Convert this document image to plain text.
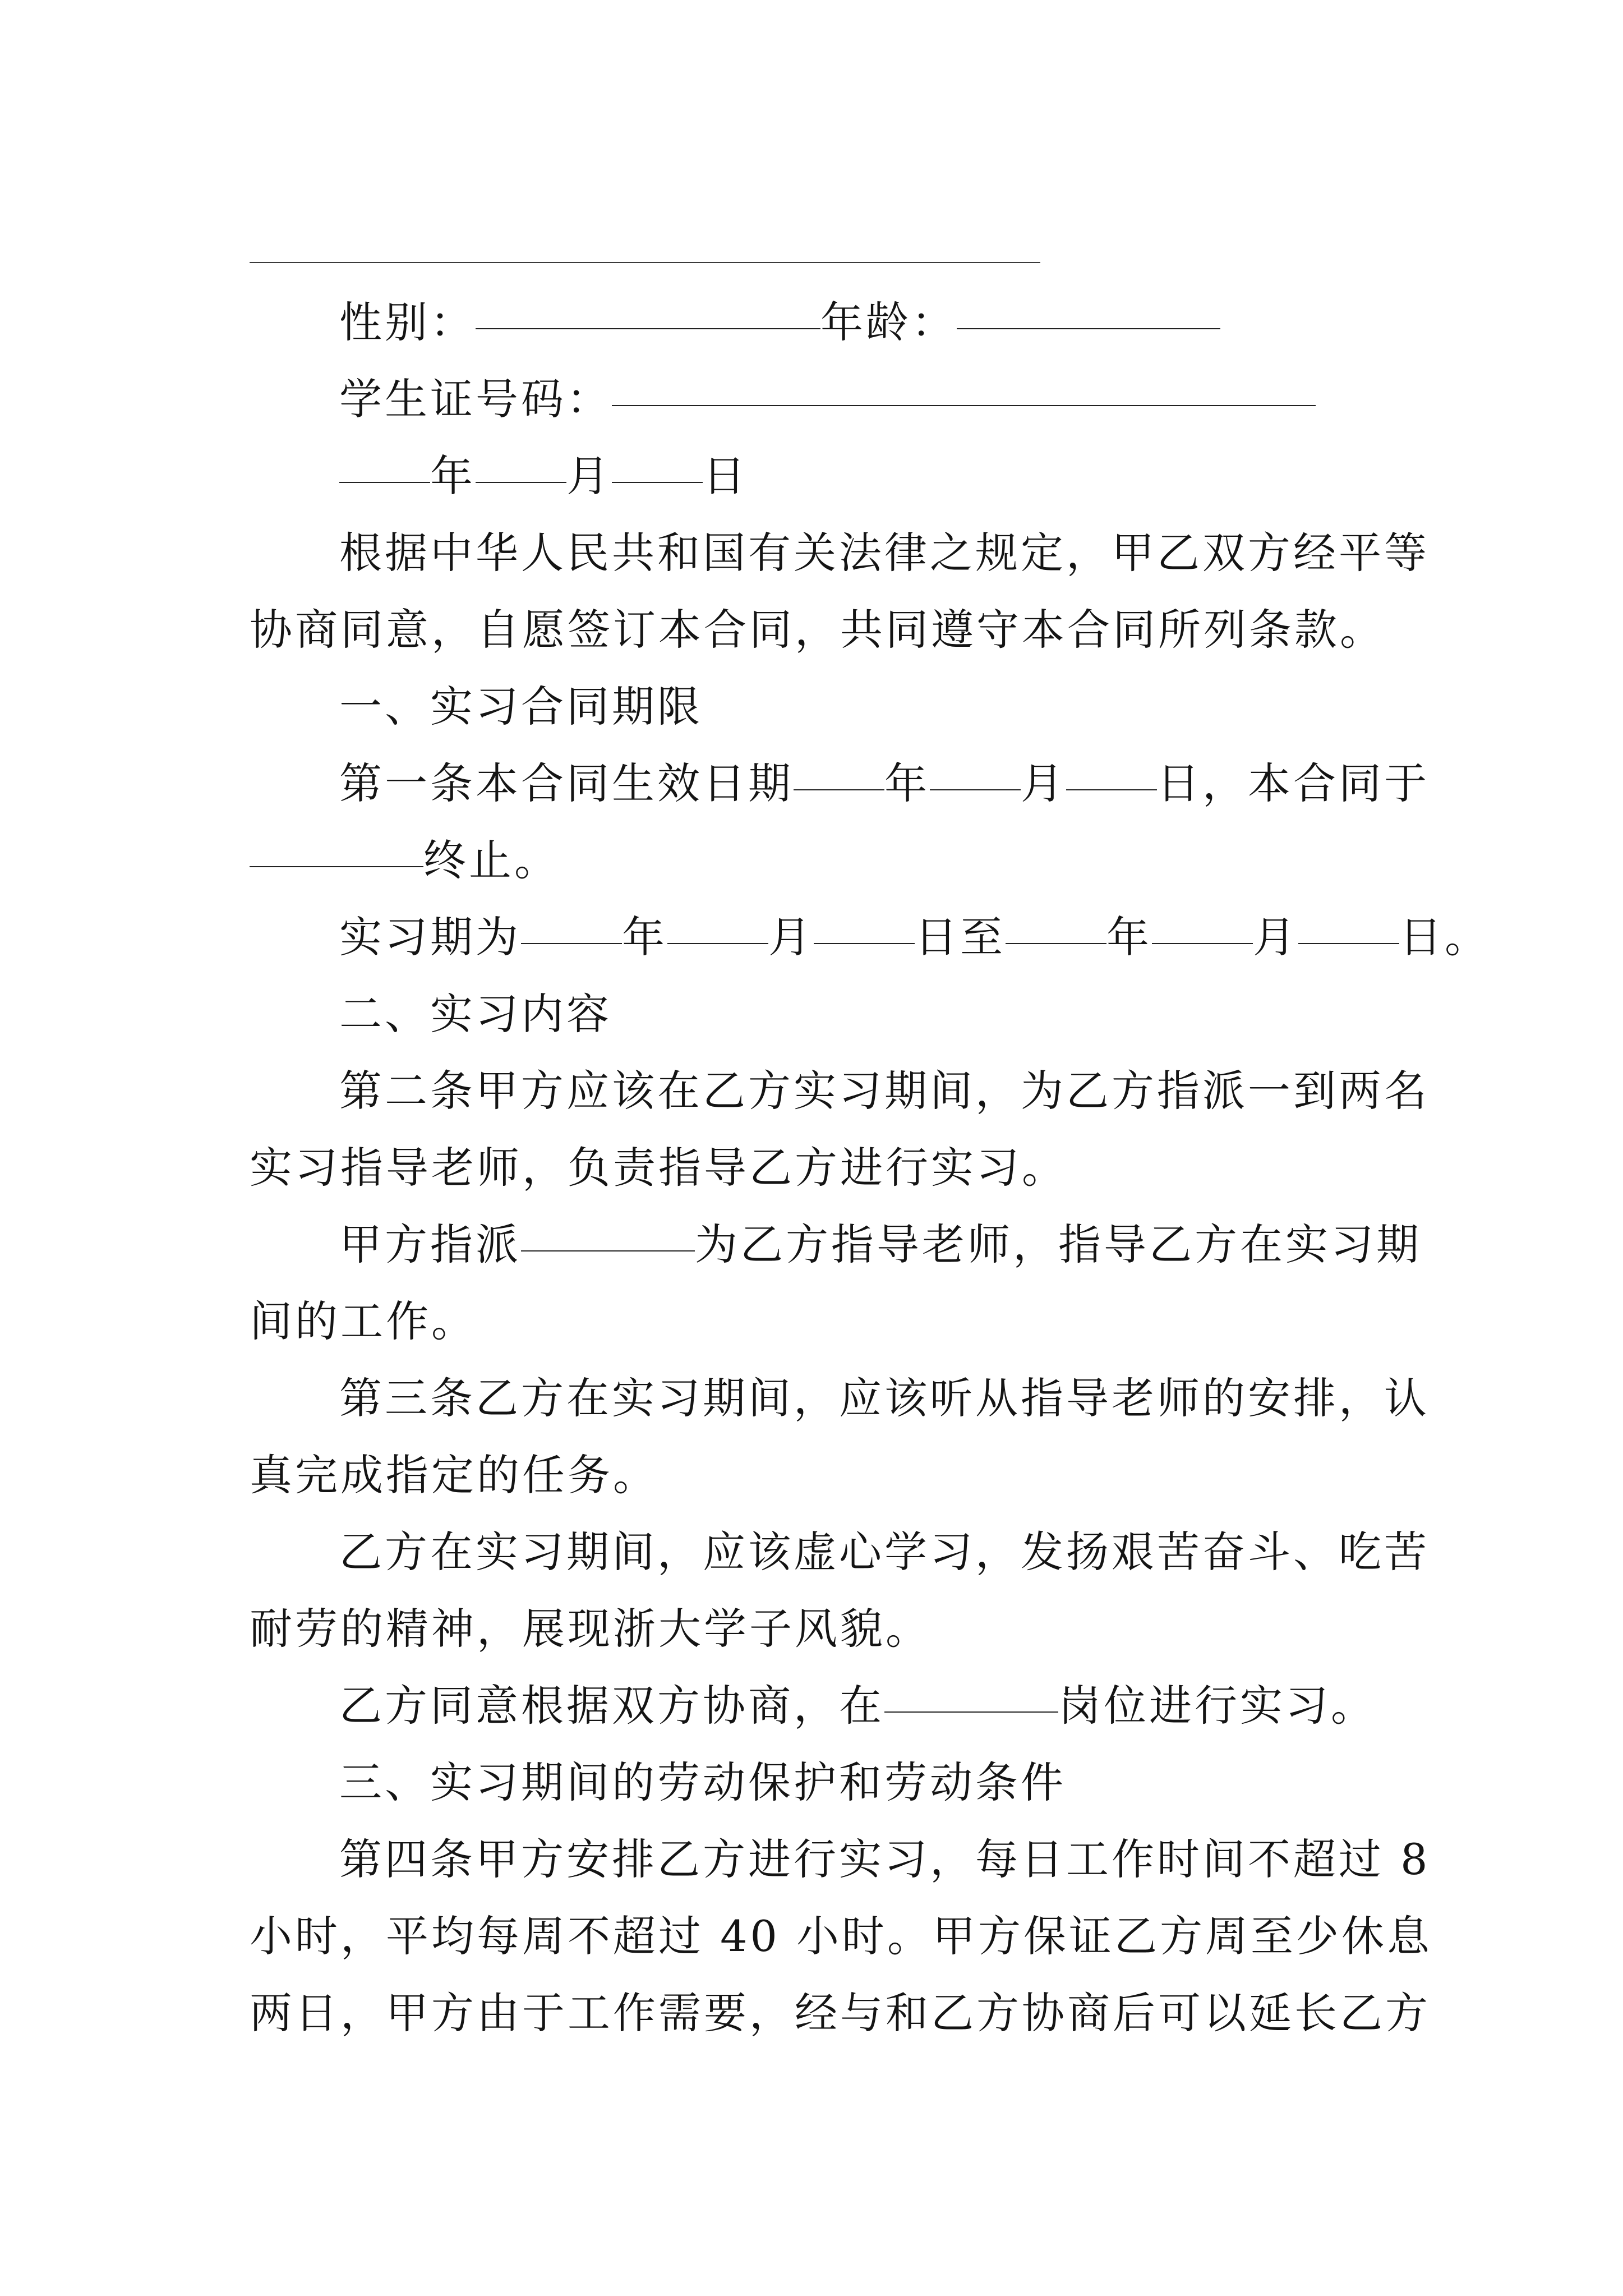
性别：	年龄：
学生证号码：
年 月 日
根据中华人民共和国有关法律之规定，甲乙双方经平等
协商同意，自愿签订本合同，共同遵守本合同所列条款。
一、实习合同期限
第一条本合同生效日期 年 月 日，本合同于
终止。
实习期为 年 月 日至 年 月 日。
二、实习内容
第二条甲方应该在乙方实习期间，为乙方指派一到两名
实习指导老师，负责指导乙方进行实习。
甲方指派	为乙方指导老师，指导乙方在实习期
间的工作。
第三条乙方在实习期间，应该听从指导老师的安排，认
真完成指定的任务。
乙方在实习期间，应该虚心学习，发扬艰苦奋斗、吃苦
耐劳的精神，展现浙大学子风貌。
乙方同意根据双方协商，在	岗位进行实习。
三、实习期间的劳动保护和劳动条件
第四条甲方安排乙方进行实习，每日工作时间不超过 8
小时，平均每周不超过 40 小时。甲方保证乙方周至少休息
两日，甲方由于工作需要，经与和乙方协商后可以延长乙方
